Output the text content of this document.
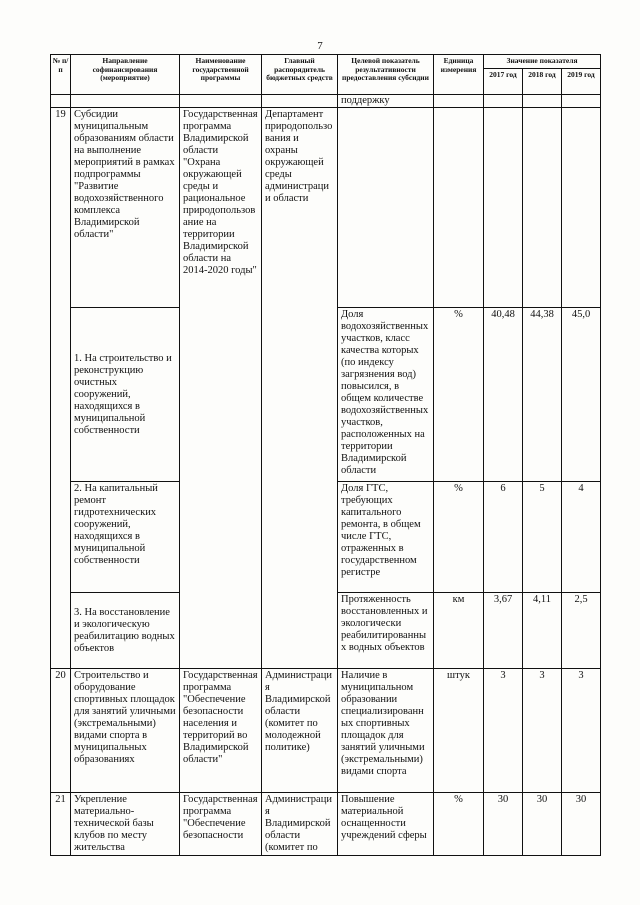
7
№ п/п	Направление софинансирования (мероприятие)	Наименование государственной программы	Главный распорядитель бюджетных средств	Целевой показатель результативности предоставления субсидии	Единица измерения	Значение показателя		
						2017 год	2018 год	2019 год
				поддержку				
19	Субсидии муниципальным образованиям области на выполнение мероприятий в рамках подпрограммы "Развитие водохозяйственного комплекса Владимирской области"	Государственная программа Владимирской области "Охрана окружающей среды и рациональное природопользование на территории Владимирской области на 2014-2020 годы"	Департамент природопользования и охраны окружающей среды администрации области					
	1. На строительство и реконструкцию очистных сооружений, находящихся в муниципальной собственности			Доля водохозяйственных участков, класс качества которых (по индексу загрязнения вод) повысился, в общем количестве водохозяйственных участков, расположенных на территории Владимирской области	%	40,48	44,38	45,0
	2. На капитальный ремонт гидротехнических сооружений, находящихся в муниципальной собственности			Доля ГТС, требующих капитального ремонта, в общем числе ГТС, отраженных в государственном регистре	%	6	5	4
	3. На восстановление и экологическую реабилитацию водных объектов			Протяженность восстановленных и экологически реабилитированных водных объектов	км	3,67	4,11	2,5
20	Строительство и оборудование спортивных площадок для занятий уличными (экстремальными) видами спорта в муниципальных образованиях	Государственная программа "Обеспечение безопасности населения и территорий во Владимирской области"	Администрация Владимирской области (комитет по молодежной политике)	Наличие в муниципальном образовании специализированных спортивных площадок для занятий уличными (экстремальными) видами спорта	штук	3	3	3
21	Укрепление материально-технической базы клубов по месту жительства	Государственная программа "Обеспечение безопасности	Администрация Владимирской области (комитет по	Повышение материальной оснащенности учреждений сферы	%	30	30	30
